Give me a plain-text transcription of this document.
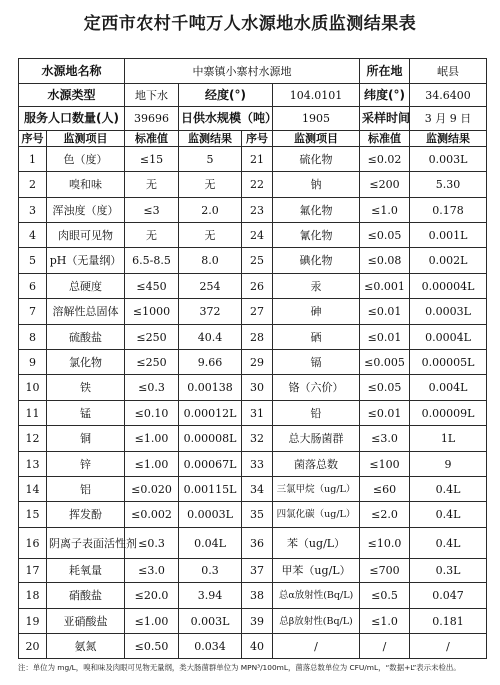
定西市农村千吨万人水源地水质监测结果表
水源地名称		中寨镇小寨村水源地				所在地	岷县
水源类型		地下水	经度(°)		104.0101	纬度(°)	34.6400
服务人口数量(人)		39696	日供水规模（吨）		1905	采样时间	3 月 9 日
序号	监测项目	标准值	监测结果	序号	监测项目	标准值	监测结果
1	色（度）	≤15	5	21	硫化物	≤0.02	0.003L
2	嗅和味	无	无	22	钠	≤200	5.30
3	浑浊度（度）	≤3	2.0	23	氟化物	≤1.0	0.178
4	肉眼可见物	无	无	24	氰化物	≤0.05	0.001L
5	pH（无量纲）	6.5-8.5	8.0	25	碘化物	≤0.08	0.002L
6	总硬度	≤450	254	26	汞	≤0.001	0.00004L
7	溶解性总固体	≤1000	372	27	砷	≤0.01	0.0003L
8	硫酸盐	≤250	40.4	28	硒	≤0.01	0.0004L
9	氯化物	≤250	9.66	29	镉	≤0.005	0.00005L
10	铁	≤0.3	0.00138	30	铬（六价）	≤0.05	0.004L
11	锰	≤0.10	0.00012L	31	铅	≤0.01	0.00009L
12	铜	≤1.00	0.00008L	32	总大肠菌群	≤3.0	1L
13	锌	≤1.00	0.00067L	33	菌落总数	≤100	9
14	铝	≤0.020	0.00115L	34	三氯甲烷（ug/L）	≤60	0.4L
15	挥发酚	≤0.002	0.0003L	35	四氯化碳（ug/L）	≤2.0	0.4L
16	阴离子表面活性剂	≤0.3	0.04L	36	苯（ug/L）	≤10.0	0.4L
17	耗氧量	≤3.0	0.3	37	甲苯（ug/L）	≤700	0.3L
18	硝酸盐	≤20.0	3.94	38	总α放射性(Bq/L)	≤0.5	0.047
19	亚硝酸盐	≤1.00	0.003L	39	总β放射性(Bq/L)	≤1.0	0.181
20	氨氮	≤0.50	0.034	40	/	/	/
注：单位为 mg/L，嗅和味及肉眼可见物无量纲，类大肠菌群单位为 MPN³/100mL，菌落总数单位为 CFU/mL，“数据+L”表示未检出。
